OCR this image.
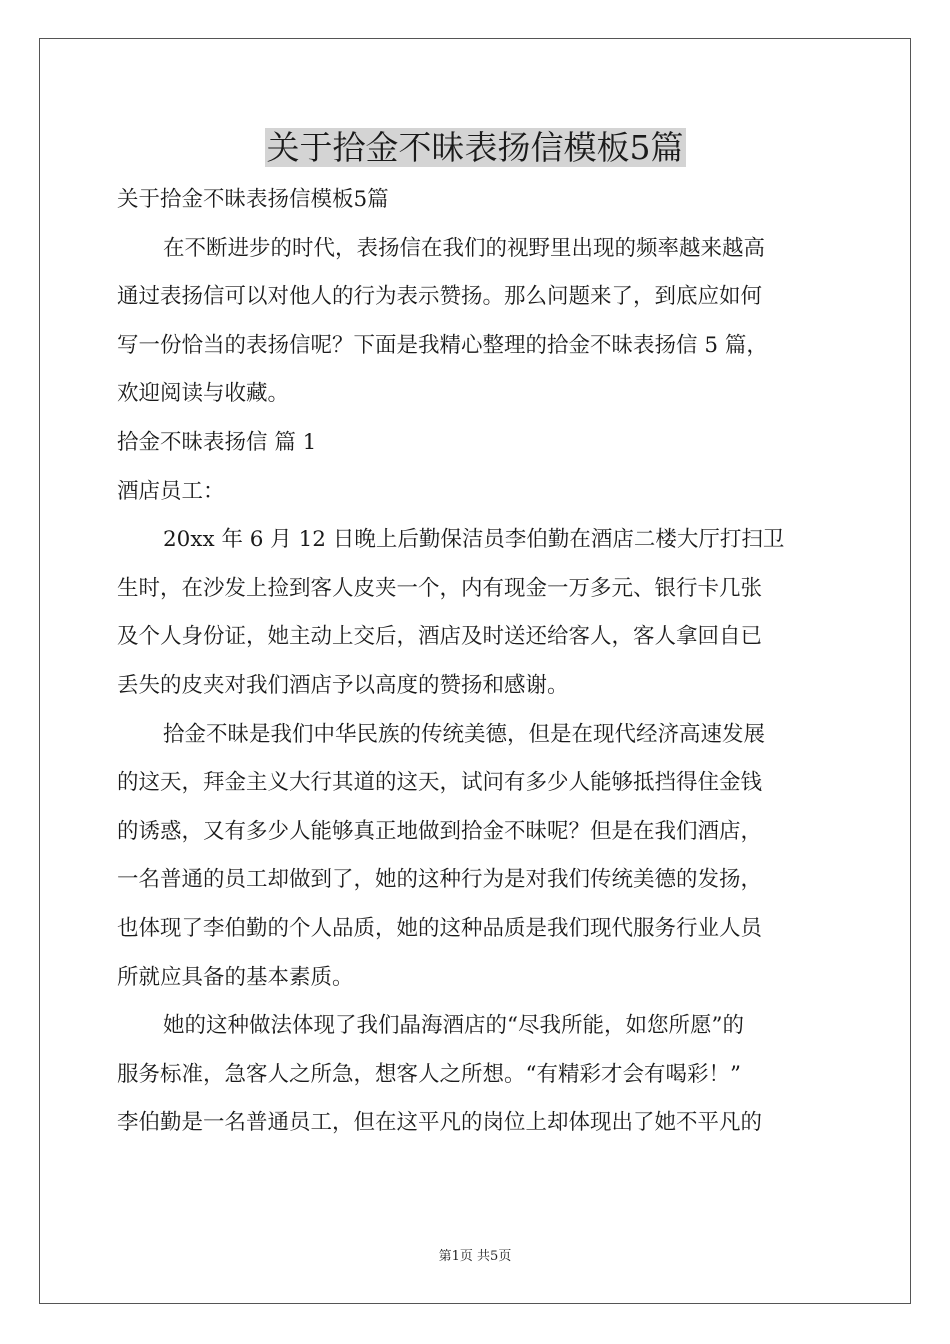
关于拾金不昧表扬信模板5篇

关于拾金不昧表扬信模板5篇

在不断进步的时代，表扬信在我们的视野里出现的频率越来越高

通过表扬信可以对他人的行为表示赞扬。那么问题来了，到底应如何

写一份恰当的表扬信呢？下面是我精心整理的拾金不昧表扬信 5 篇，

欢迎阅读与收藏。

拾金不昧表扬信 篇 1

酒店员工：

20xx 年 6 月 12 日晚上后勤保洁员李伯勤在酒店二楼大厅打扫卫

生时，在沙发上捡到客人皮夹一个，内有现金一万多元、银行卡几张

及个人身份证，她主动上交后，酒店及时送还给客人，客人拿回自已

丢失的皮夹对我们酒店予以高度的赞扬和感谢。

拾金不昧是我们中华民族的传统美德，但是在现代经济高速发展

的这天，拜金主义大行其道的这天，试问有多少人能够抵挡得住金钱

的诱惑，又有多少人能够真正地做到拾金不昧呢？但是在我们酒店，

一名普通的员工却做到了，她的这种行为是对我们传统美德的发扬，

也体现了李伯勤的个人品质，她的这种品质是我们现代服务行业人员

所就应具备的基本素质。

她的这种做法体现了我们晶海酒店的“尽我所能，如您所愿”的

服务标准，急客人之所急，想客人之所想。“有精彩才会有喝彩！”

李伯勤是一名普通员工，但在这平凡的岗位上却体现出了她不平凡的

第1页 共5页
